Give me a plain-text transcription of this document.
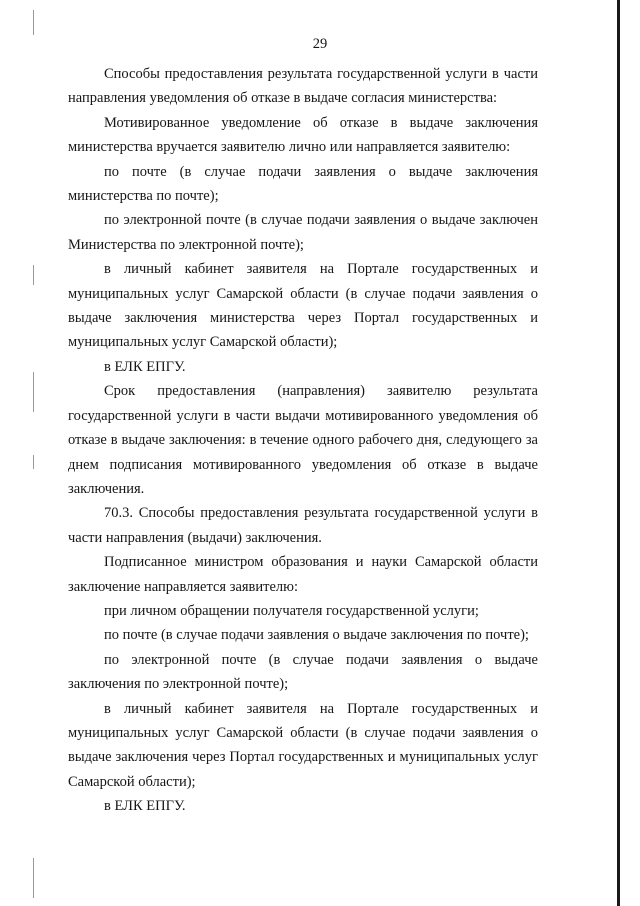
29

Способы предоставления результата государственной услуги в части направления уведомления об отказе в выдаче согласия министерства:

Мотивированное уведомление об отказе в выдаче заключения министерства вручается заявителю лично или направляется заявителю:

по почте (в случае подачи заявления о выдаче заключения министерства по почте);

по электронной почте (в случае подачи заявления о выдаче заключен Министерства по электронной почте);

в личный кабинет заявителя на Портале государственных и муниципальных услуг Самарской области (в случае подачи заявления о выдаче заключения министерства через Портал государственных и муниципальных услуг Самарской области);

в ЕЛК ЕПГУ.

Срок предоставления (направления) заявителю результата государственной услуги в части выдачи мотивированного уведомления об отказе в выдаче заключения: в течение одного рабочего дня, следующего за днем подписания мотивированного уведомления об отказе в выдаче заключения.

70.3. Способы предоставления результата государственной услуги в части направления (выдачи) заключения.

Подписанное министром образования и науки Самарской области заключение направляется заявителю:

при личном обращении получателя государственной услуги;

по почте (в случае подачи заявления о выдаче заключения по почте);

по электронной почте (в случае подачи заявления о выдаче заключения по электронной почте);

в личный кабинет заявителя на Портале государственных и муниципальных услуг Самарской области (в случае подачи заявления о выдаче заключения через Портал государственных и муниципальных услуг Самарской области);

в ЕЛК ЕПГУ.
